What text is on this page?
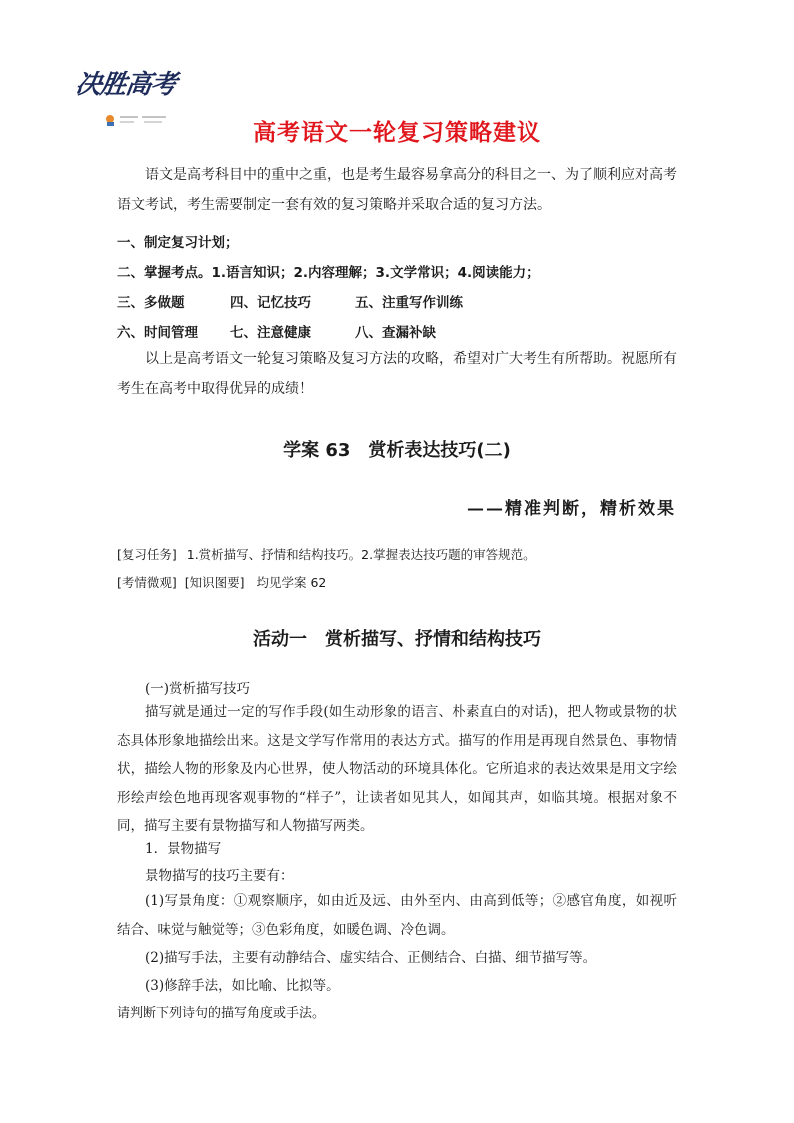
决胜高考
高考语文一轮复习策略建议
语文是高考科目中的重中之重，也是考生最容易拿高分的科目之一、为了顺利应对高考语文考试，考生需要制定一套有效的复习策略并采取合适的复习方法。
一、制定复习计划；
二、掌握考点。1.语言知识；2.内容理解；3.文学常识；4.阅读能力；
三、多做题	四、记忆技巧	五、注重写作训练
六、时间管理 七、注意健康	八、查漏补缺
以上是高考语文一轮复习策略及复习方法的攻略，希望对广大考生有所帮助。祝愿所有考生在高考中取得优异的成绩！
学案 63　赏析表达技巧(二)
——精准判断，精析效果
[复习任务] 1.赏析描写、抒情和结构技巧。2.掌握表达技巧题的审答规范。
[考情微观] [知识图要] 均见学案 62
活动一　赏析描写、抒情和结构技巧
(一)赏析描写技巧
描写就是通过一定的写作手段(如生动形象的语言、朴素直白的对话)，把人物或景物的状态具体形象地描绘出来。这是文学写作常用的表达方式。描写的作用是再现自然景色、事物情状，描绘人物的形象及内心世界，使人物活动的环境具体化。它所追求的表达效果是用文字绘形绘声绘色地再现客观事物的“样子”，让读者如见其人，如闻其声，如临其境。根据对象不同，描写主要有景物描写和人物描写两类。
1．景物描写
景物描写的技巧主要有：
(1)写景角度：①观察顺序，如由近及远、由外至内、由高到低等；②感官角度，如视听结合、味觉与触觉等；③色彩角度，如暖色调、冷色调。
(2)描写手法，主要有动静结合、虚实结合、正侧结合、白描、细节描写等。
(3)修辞手法，如比喻、比拟等。
请判断下列诗句的描写角度或手法。
